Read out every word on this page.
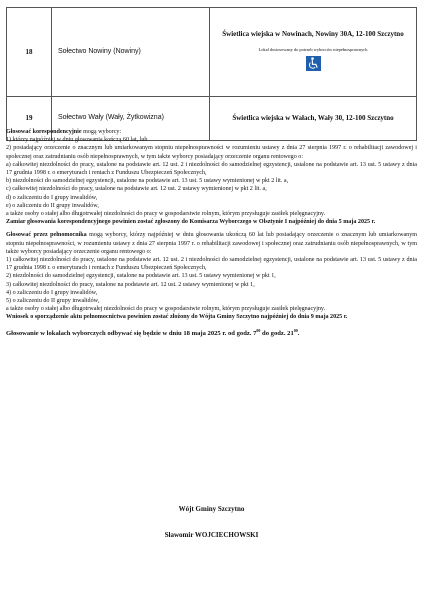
18	Sołectwo Nowiny (Nowiny)	Świetlica wiejska w Nowinach, Nowiny 30A, 12-100 Szczytno
Lokal dostosowany do potrzeb wyborców niepełnosprawnych

19	Sołectwo Wały (Wały, Żytkowizna)	Świetlica wiejska w Wałach, Wały 30, 12-100 Szczytno

Głosować korespondencyjnie mogą wyborcy:

1) którzy najpóźniej w dniu głosowania kończą 60 lat, lub

2) posiadający orzeczenie o znacznym lub umiarkowanym stopniu niepełnosprawności w rozumieniu ustawy z dnia 27 sierpnia 1997 r. o rehabilitacji zawodowej i społecznej oraz zatrudnianiu osób niepełnosprawnych, w tym także wyborcy posiadający orzeczenie organu rentowego o:

a) całkowitej niezdolności do pracy, ustalone na podstawie art. 12 ust. 2 i niezdolności do samodzielnej egzystencji, ustalone na podstawie art. 13 ust. 5 ustawy z dnia 17 grudnia 1998 r. o emeryturach i rentach z Funduszu Ubezpieczeń Społecznych,

b) niezdolności do samodzielnej egzystencji, ustalone na podstawie art. 13 ust. 5 ustawy wymienionej w pkt 2 lit. a,

c) całkowitej niezdolności do pracy, ustalone na podstawie art. 12 ust. 2 ustawy wymienionej w pkt 2 lit. a,

d) o zaliczeniu do I grupy inwalidów,

e) o zaliczeniu do II grupy inwalidów,

a także osoby o stałej albo długotrwałej niezdolności do pracy w gospodarstwie rolnym, którym przysługuje zasiłek pielęgnacyjny.

Zamiar głosowania korespondencyjnego powinien zostać zgłoszony do Komisarza Wyborczego w Olsztynie I najpóźniej do dnia 5 maja 2025 r.

Głosować przez pełnomocnika mogą wyborcy, którzy najpóźniej w dniu głosowania ukończą 60 lat lub posiadający orzeczenie o znacznym lub umiarkowanym stopniu niepełnosprawności, w rozumieniu ustawy z dnia 27 sierpnia 1997 r. o rehabilitacji zawodowej i społecznej oraz zatrudnianiu osób niepełnosprawnych, w tym także wyborcy posiadający orzeczenie organu rentowego o:

1) całkowitej niezdolności do pracy, ustalone na podstawie art. 12 ust. 2 i niezdolności do samodzielnej egzystencji, ustalone na podstawie art. 13 ust. 5 ustawy z dnia 17 grudnia 1998 r. o emeryturach i rentach z Funduszu Ubezpieczeń Społecznych,

2) niezdolności do samodzielnej egzystencji, ustalone na podstawie art. 13 ust. 5 ustawy wymienionej w pkt 1,

3) całkowitej niezdolności do pracy, ustalone na podstawie art. 12 ust. 2 ustawy wymienionej w pkt 1,

4) o zaliczeniu do I grupy inwalidów,

5) o zaliczeniu do II grupy inwalidów,

a także osoby o stałej albo długotrwałej niezdolności do pracy w gospodarstwie rolnym, którym przysługuje zasiłek pielęgnacyjny.

Wniosek o sporządzenie aktu pełnomocnictwa powinien zostać złożony do Wójta Gminy Szczytno najpóźniej do dnia 9 maja 2025 r.

Głosowanie w lokalach wyborczych odbywać się będzie w dniu 18 maja 2025 r. od godz. $7^{00}$ do godz. $21^{00}$.

Wójt Gminy Szczytno
Sławomir WOJCIECHOWSKI
